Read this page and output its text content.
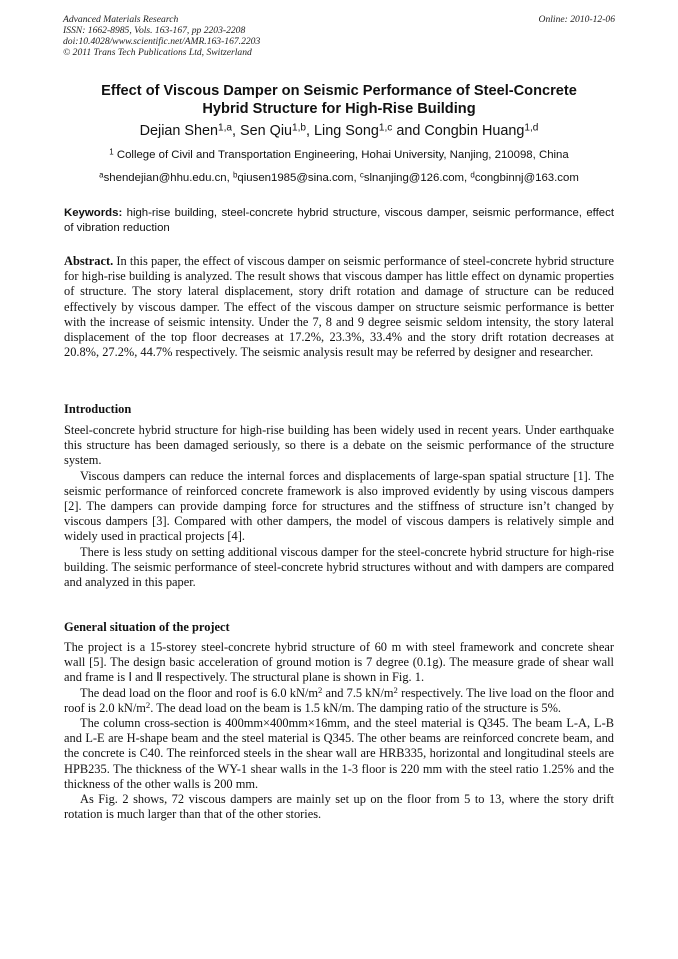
Advanced Materials Research
ISSN: 1662-8985, Vols. 163-167, pp 2203-2208
doi:10.4028/www.scientific.net/AMR.163-167.2203
© 2011 Trans Tech Publications Ltd, Switzerland
Online: 2010-12-06
Effect of Viscous Damper on Seismic Performance of Steel-Concrete
Hybrid Structure for High-Rise Building
Dejian Shen$^{1,a}$, Sen Qiu$^{1,b}$, Ling Song$^{1,c}$ and Congbin Huang$^{1,d}$
$^1$ College of Civil and Transportation Engineering, Hohai University, Nanjing, 210098, China
$^a$shendejian@hhu.edu.cn, $^b$qiusen1985@sina.com, $^c$slnanjing@126.com, $^d$congbinnj@163.com
Keywords: high-rise building, steel-concrete hybrid structure, viscous damper, seismic performance, effect of vibration reduction
Abstract. In this paper, the effect of viscous damper on seismic performance of steel-concrete hybrid structure for high-rise building is analyzed. The result shows that viscous damper has little effect on dynamic properties of structure. The story lateral displacement, story drift rotation and damage of structure can be reduced effectively by viscous damper. The effect of the viscous damper on structure seismic performance is better with the increase of seismic intensity. Under the 7, 8 and 9 degree seismic seldom intensity, the story lateral displacement of the top floor decreases at 17.2%, 23.3%, 33.4% and the story drift rotation decreases at 20.8%, 27.2%, 44.7% respectively. The seismic analysis result may be referred by designer and researcher.
Introduction

Steel-concrete hybrid structure for high-rise building has been widely used in recent years. Under earthquake this structure has been damaged seriously, so there is a debate on the seismic performance of the structure system.

Viscous dampers can reduce the internal forces and displacements of large-span spatial structure [1]. The seismic performance of reinforced concrete framework is also improved evidently by using viscous dampers [2]. The dampers can provide damping force for structures and the stiffness of structure isn’t changed by viscous dampers [3]. Compared with other dampers, the model of viscous dampers is relatively simple and widely used in practical projects [4].

There is less study on setting additional viscous damper for the steel-concrete hybrid structure for high-rise building. The seismic performance of steel-concrete hybrid structures without and with dampers are compared and analyzed in this paper.

General situation of the project

The project is a 15-storey steel-concrete hybrid structure of 60 m with steel framework and concrete shear wall [5]. The design basic acceleration of ground motion is 7 degree (0.1g). The measure grade of shear wall and frame is Ⅰ and Ⅱ respectively. The structural plane is shown in Fig. 1.

The dead load on the floor and roof is 6.0 $kN/m^2$ and 7.5 $kN/m^2$ respectively. The live load on the floor and roof is 2.0 $kN/m^2$. The dead load on the beam is 1.5 kN/m. The damping ratio of the structure is 5%.

The column cross-section is 400mm×400mm×16mm, and the steel material is Q345. The beam L-A, L-B and L-E are H-shape beam and the steel material is Q345. The other beams are reinforced concrete beam, and the concrete is C40. The reinforced steels in the shear wall are HRB335, horizontal and longitudinal steels are HPB235. The thickness of the WY-1 shear walls in the 1-3 floor is 220 mm with the steel ratio 1.25% and the thickness of the other walls is 200 mm.

As Fig. 2 shows, 72 viscous dampers are mainly set up on the floor from 5 to 13, where the story drift rotation is much larger than that of the other stories.
